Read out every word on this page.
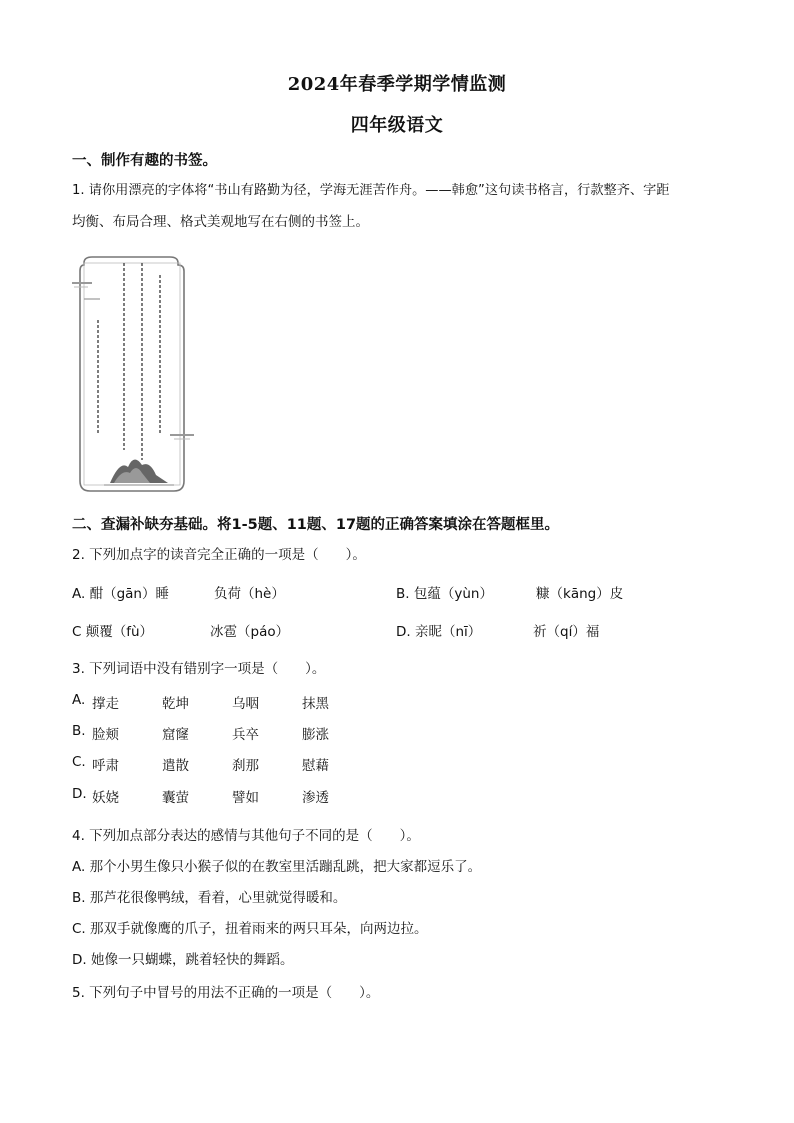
2024年春季学期学情监测
四年级语文
一、制作有趣的书签。
1. 请你用漂亮的字体将“书山有路勤为径，学海无涯苦作舟。——韩愈”这句读书格言，行款整齐、字距
均衡、布局合理、格式美观地写在右侧的书签上。
二、查漏补缺夯基础。将1-5题、11题、17题的正确答案填涂在答题框里。
2. 下列加点字的读音完全正确的一项是（　　）。
A. 酣（gān）睡	负荷（hè）	B. 包蕴（yùn）	糠（kāng）皮
C 颠覆（fù）	冰雹（páo）	D. 亲昵（nī）	祈（qí）福
3. 下列词语中没有错别字一项是（　　）。
A. 撑走	乾坤	乌咽	抹黑
B. 脸颊	窟窿	兵卒	膨涨
C. 呼肃	遣散	刹那	慰藉
D. 妖娆	囊萤	譬如	渗透
4. 下列加点部分表达的感情与其他句子不同的是（　　）。
A. 那个小男生像只小猴子似的在教室里活蹦乱跳，把大家都逗乐了。
B. 那芦花很像鸭绒，看着，心里就觉得暖和。
C. 那双手就像鹰的爪子，扭着雨来的两只耳朵，向两边拉。
D. 她像一只蝴蝶，跳着轻快的舞蹈。
5. 下列句子中冒号的用法不正确的一项是（　　）。
